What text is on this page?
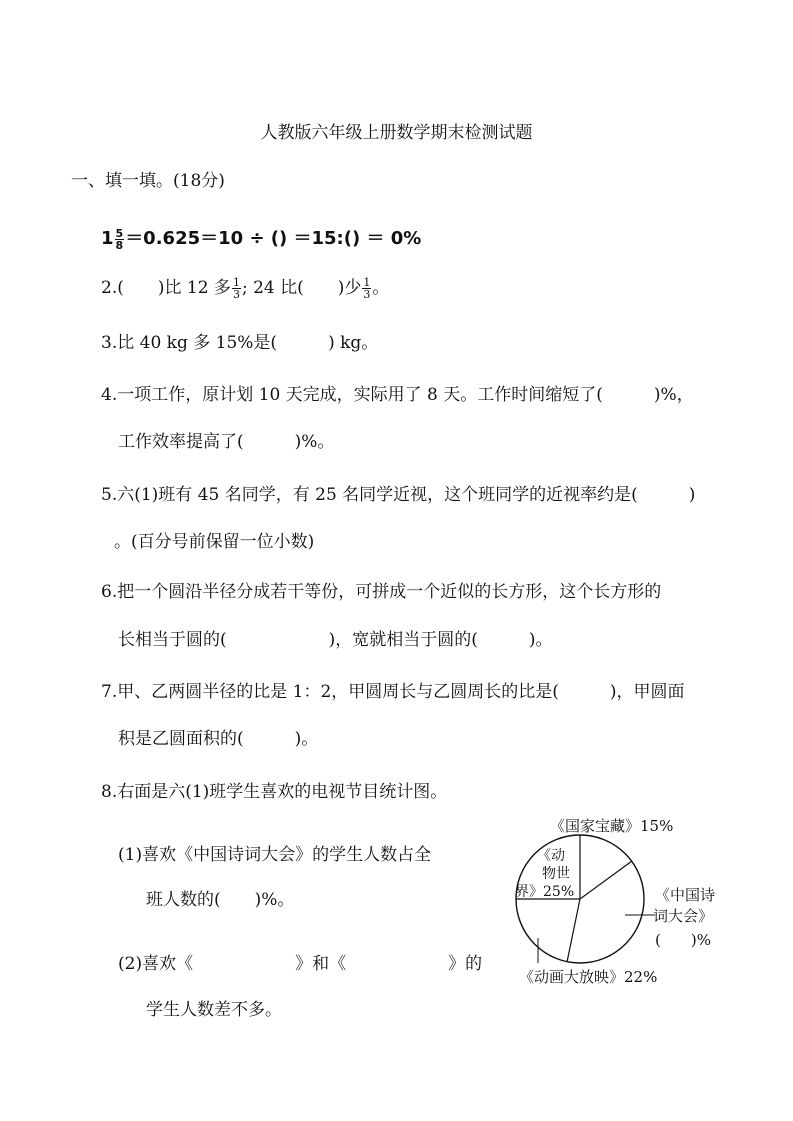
人教版六年级上册数学期末检测试题
一、填一填。(18分)
$1 \frac{5}{8} =0.625=10$ ÷ () ＝15:() ＝ 0%
2.(　　)比 12 多 $\frac{1}{3}$ ; 24 比(　　)少 $\frac{1}{3}$ 。
3.比 40 kg 多 15%是(　　　) kg。
4.一项工作，原计划 10 天完成，实际用了 8 天。工作时间缩短了(　　　)%，
工作效率提高了(　　　)%。
5.六(1)班有 45 名同学，有 25 名同学近视，这个班同学的近视率约是(　　　)
。(百分号前保留一位小数)
6.把一个圆沿半径分成若干等份，可拼成一个近似的长方形，这个长方形的
长相当于圆的(　　　　　　)，宽就相当于圆的(　　　)。
7.甲、乙两圆半径的比是 1：2，甲圆周长与乙圆周长的比是(　　　)，甲圆面
积是乙圆面积的(　　　)。
8.右面是六(1)班学生喜欢的电视节目统计图。
(1)喜欢《中国诗词大会》的学生人数占全
班人数的(　　)%。
(2)喜欢《　　　　　　》和《　　　　　　》的
学生人数差不多。
《国家宝藏》15%
《动
物世
界》25%	《中国诗
词大会》
(　　)%
《动画大放映》22%
